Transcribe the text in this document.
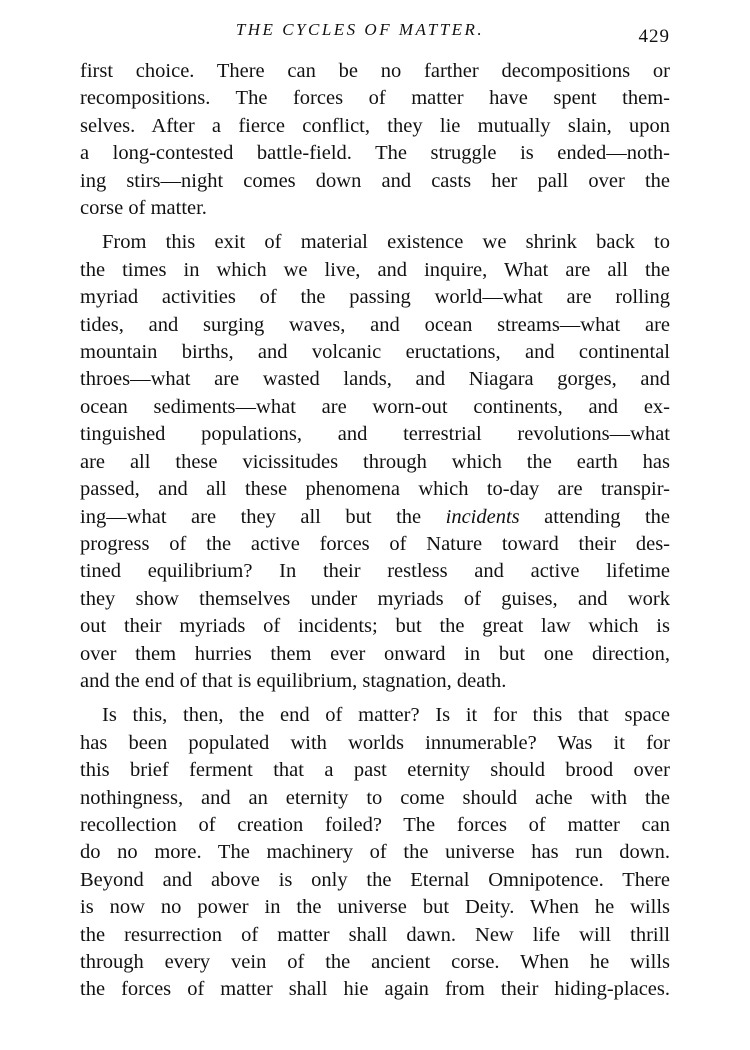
THE CYCLES OF MATTER.	429
first choice. There can be no farther decompositions or
recompositions. The forces of matter have spent them-
selves. After a fierce conflict, they lie mutually slain, upon
a long-contested battle-field. The struggle is ended—noth-
ing stirs—night comes down and casts her pall over the
corse of matter.
From this exit of material existence we shrink back to
the times in which we live, and inquire, What are all the
myriad activities of the passing world—what are rolling
tides, and surging waves, and ocean streams—what are
mountain births, and volcanic eructations, and continental
throes—what are wasted lands, and Niagara gorges, and
ocean sediments—what are worn-out continents, and ex-
tinguished populations, and terrestrial revolutions—what
are all these vicissitudes through which the earth has
passed, and all these phenomena which to-day are transpir-
ing—what are they all but the incidents attending the
progress of the active forces of Nature toward their des-
tined equilibrium? In their restless and active lifetime
they show themselves under myriads of guises, and work
out their myriads of incidents; but the great law which is
over them hurries them ever onward in but one direction,
and the end of that is equilibrium, stagnation, death.
Is this, then, the end of matter? Is it for this that space
has been populated with worlds innumerable? Was it for
this brief ferment that a past eternity should brood over
nothingness, and an eternity to come should ache with the
recollection of creation foiled? The forces of matter can
do no more. The machinery of the universe has run down.
Beyond and above is only the Eternal Omnipotence. There
is now no power in the universe but Deity. When he wills
the resurrection of matter shall dawn. New life will thrill
through every vein of the ancient corse. When he wills
the forces of matter shall hie again from their hiding-places.
